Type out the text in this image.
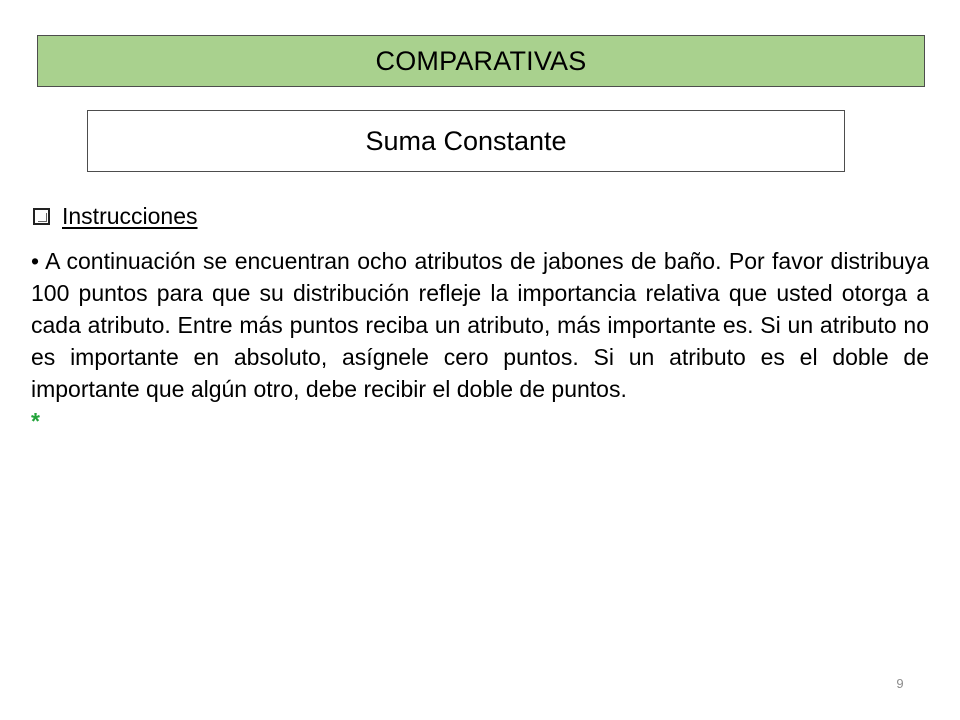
COMPARATIVAS
Suma Constante
Instrucciones
• A continuación se encuentran ocho atributos de jabones de baño. Por favor distribuya 100 puntos para que su distribución refleje la importancia relativa que usted otorga a cada atributo. Entre más puntos reciba un atributo, más importante es. Si un atributo no es importante en absoluto, asígnele cero puntos. Si un atributo es el doble de importante que algún otro, debe recibir el doble de puntos.
*
9
